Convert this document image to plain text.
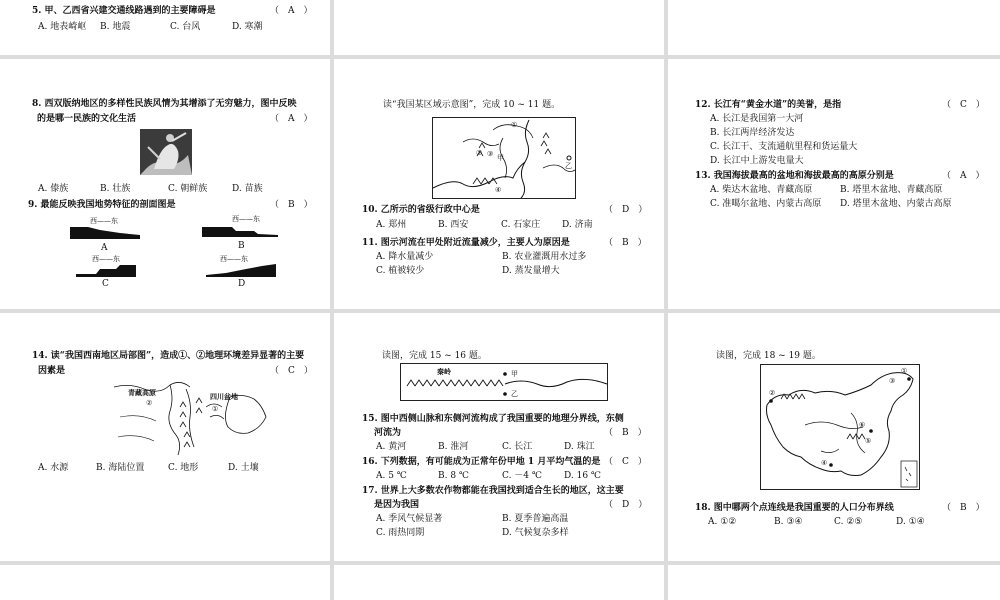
5. 甲、乙西省兴建交通线路遇到的主要障碍是	（　A　）
A. 地表崎岖 B. 地震	C. 台风	D. 寒潮
8. 西双版纳地区的多样性民族风情为其增添了无穷魅力，图中反映
的是哪一民族的文化生活	（　A　）
A. 傣族	B. 壮族	C. 朝鲜族	D. 苗族
9. 最能反映我国地势特征的剖面图是	（　B　）
西——东
A
西——东
B
西——东
C
西——东
D
读“我国某区域示意图”，完成 10 ~ 11 题。
①
② ③
④
甲
乙
10. 乙所示的省级行政中心是	（　D　）
A. 郑州	B. 西安	C. 石家庄 D. 济南
11. 图示河流在甲处附近流量减少，主要人为原因是	（　B　）
A. 降水量减少	B. 农业灌溉用水过多
C. 植被较少	D. 蒸发量增大
12. 长江有“黄金水道”的美誉，是指	（　C　）
A. 长江是我国第一大河
B. 长江两岸经济发达
C. 长江干、支流通航里程和货运量大
D. 长江中上游发电量大
13. 我国海拔最高的盆地和海拔最高的高原分别是	（　A　）
A. 柴达木盆地、青藏高原	B. 塔里木盆地、青藏高原
C. 准噶尔盆地、内蒙古高原 D. 塔里木盆地、内蒙古高原
14. 读“我国西南地区局部图”，造成①、②地理环境差异显著的主要
因素是	（　C　）
青藏高原	四川盆地
①
②
A. 水源	B. 海陆位置	C. 地形	D. 土壤
读图，完成 15 ~ 16 题。
秦岭	甲
乙
15. 图中西侧山脉和东侧河流构成了我国重要的地理分界线，东侧
河流为	（　B　）
A. 黄河	B. 淮河	C. 长江	D. 珠江
16. 下列数据，有可能成为正常年份甲地 1 月平均气温的是 （　C　）
A. 5 ℃	B. 8 ℃	C. －4 ℃ D. 16 ℃
17. 世界上大多数农作物都能在我国找到适合生长的地区，这主要
是因为我国	（　D　）
A. 季风气候显著	B. 夏季普遍高温
C. 雨热同期	D. 气候复杂多样
读图，完成 18 ~ 19 题。
①
②
③
④
⑤
⑥
18. 图中哪两个点连线是我国重要的人口分布界线	（　B　）
A. ①②	B. ③④	C. ②⑤	D. ①④
